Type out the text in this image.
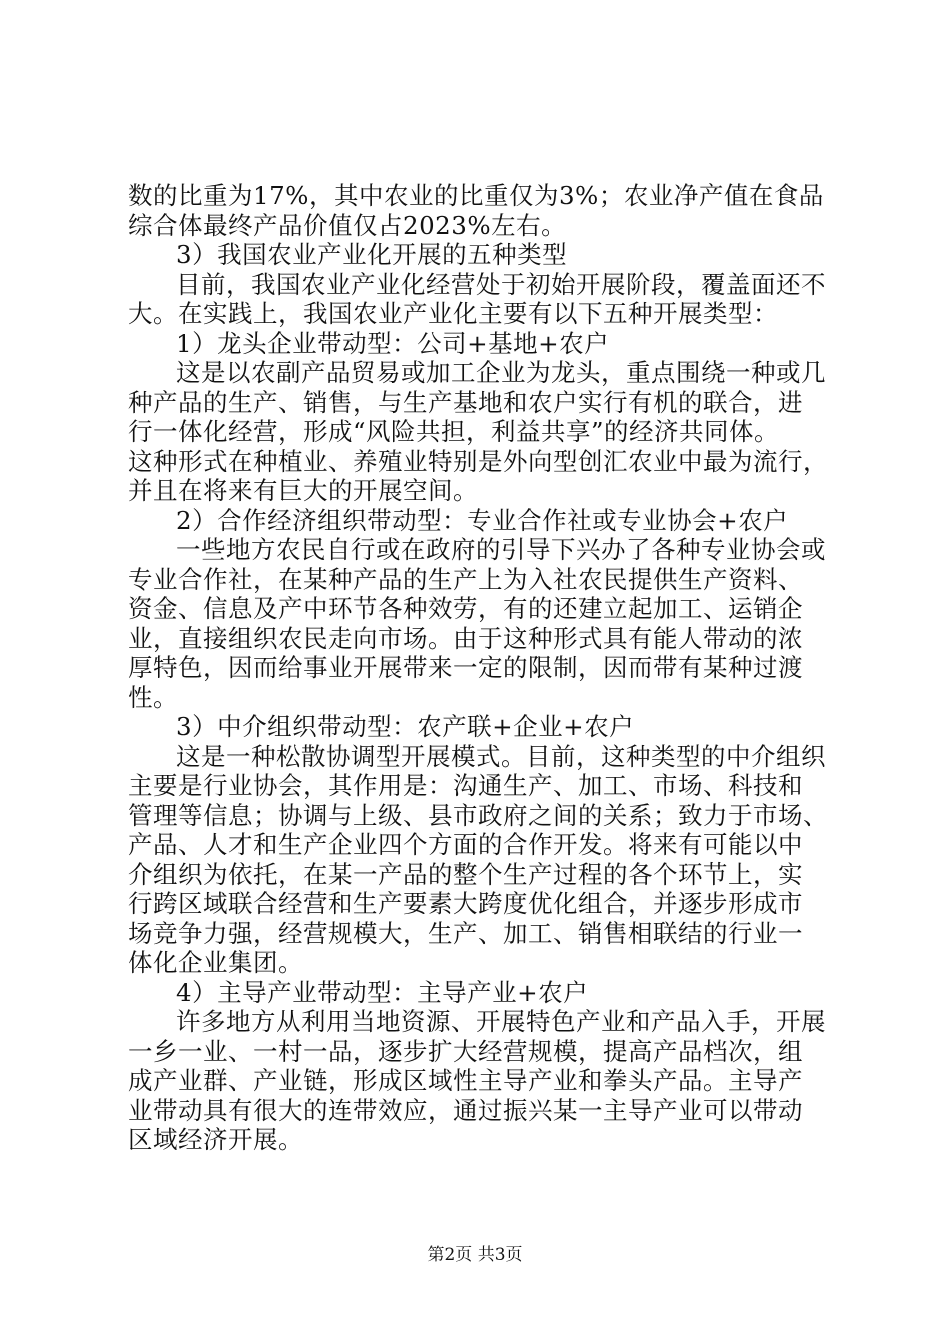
数的比重为17%，其中农业的比重仅为3%；农业净产值在食品
综合体最终产品价值仅占2023%左右。
3）我国农业产业化开展的五种类型
目前，我国农业产业化经营处于初始开展阶段，覆盖面还不
大。在实践上，我国农业产业化主要有以下五种开展类型：
1）龙头企业带动型：公司+基地+农户
这是以农副产品贸易或加工企业为龙头，重点围绕一种或几
种产品的生产、销售，与生产基地和农户实行有机的联合，进
行一体化经营，形成“风险共担，利益共享”的经济共同体。
这种形式在种植业、养殖业特别是外向型创汇农业中最为流行，
并且在将来有巨大的开展空间。
2）合作经济组织带动型：专业合作社或专业协会+农户
一些地方农民自行或在政府的引导下兴办了各种专业协会或
专业合作社，在某种产品的生产上为入社农民提供生产资料、
资金、信息及产中环节各种效劳，有的还建立起加工、运销企
业，直接组织农民走向市场。由于这种形式具有能人带动的浓
厚特色，因而给事业开展带来一定的限制，因而带有某种过渡
性。
3）中介组织带动型：农产联+企业+农户
这是一种松散协调型开展模式。目前，这种类型的中介组织
主要是行业协会，其作用是：沟通生产、加工、市场、科技和
管理等信息；协调与上级、县市政府之间的关系；致力于市场、
产品、人才和生产企业四个方面的合作开发。将来有可能以中
介组织为依托，在某一产品的整个生产过程的各个环节上，实
行跨区域联合经营和生产要素大跨度优化组合，并逐步形成市
场竞争力强，经营规模大，生产、加工、销售相联结的行业一
体化企业集团。
4）主导产业带动型：主导产业+农户
许多地方从利用当地资源、开展特色产业和产品入手，开展
一乡一业、一村一品，逐步扩大经营规模，提高产品档次，组
成产业群、产业链，形成区域性主导产业和拳头产品。主导产
业带动具有很大的连带效应，通过振兴某一主导产业可以带动
区域经济开展。
第2页 共3页
